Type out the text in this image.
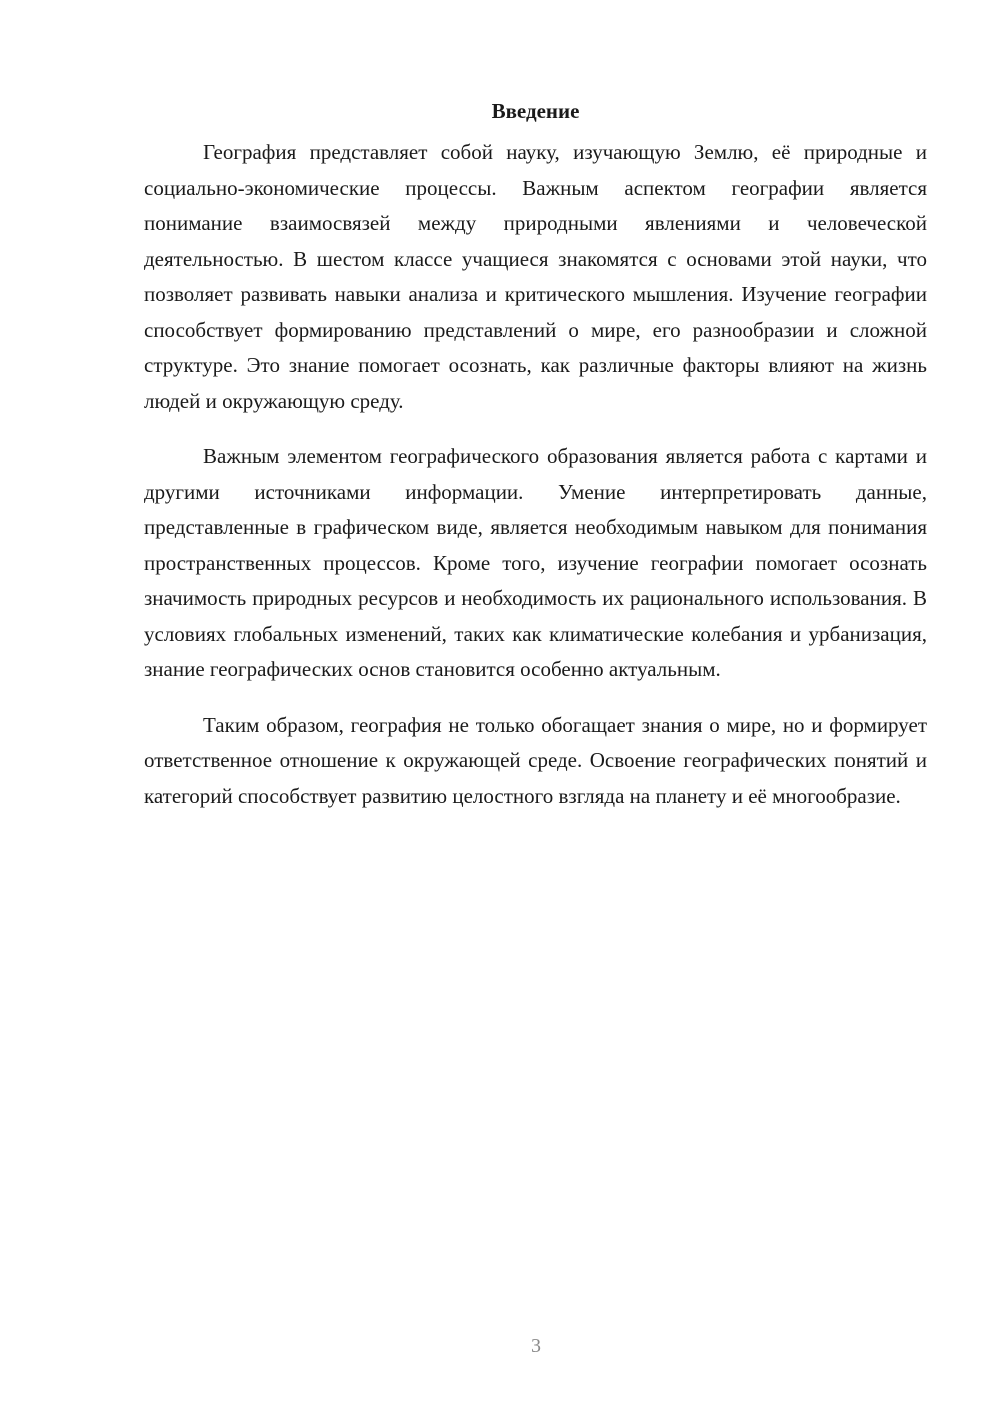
Введение

География представляет собой науку, изучающую Землю, её природные и социально-экономические процессы. Важным аспектом географии является понимание взаимосвязей между природными явлениями и человеческой деятельностью. В шестом классе учащиеся знакомятся с основами этой науки, что позволяет развивать навыки анализа и критического мышления. Изучение географии способствует формированию представлений о мире, его разнообразии и сложной структуре. Это знание помогает осознать, как различные факторы влияют на жизнь людей и окружающую среду.

Важным элементом географического образования является работа с картами и другими источниками информации. Умение интерпретировать данные, представленные в графическом виде, является необходимым навыком для понимания пространственных процессов. Кроме того, изучение географии помогает осознать значимость природных ресурсов и необходимость их рационального использования. В условиях глобальных изменений, таких как климатические колебания и урбанизация, знание географических основ становится особенно актуальным.

Таким образом, география не только обогащает знания о мире, но и формирует ответственное отношение к окружающей среде. Освоение географических понятий и категорий способствует развитию целостного взгляда на планету и её многообразие.

3
